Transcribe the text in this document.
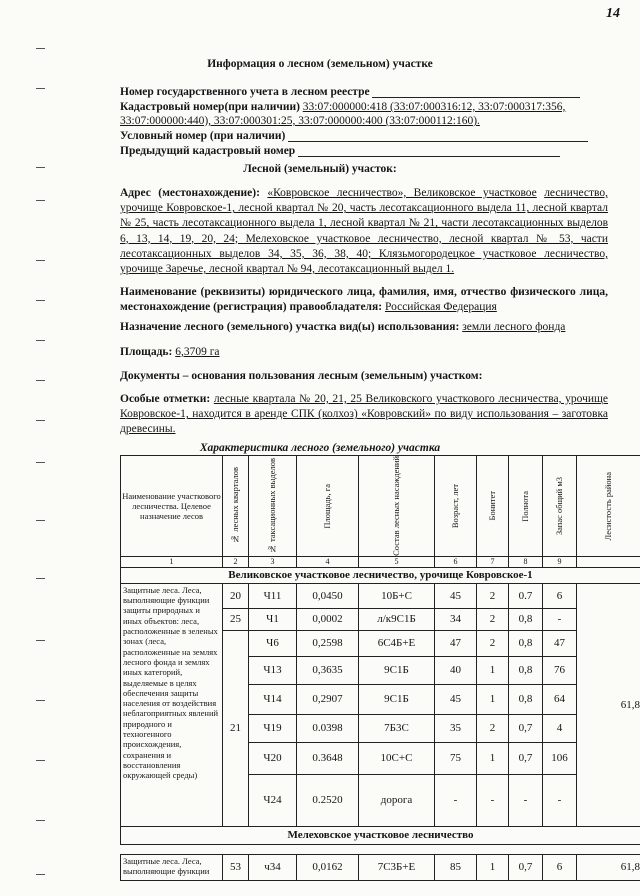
14
Информация о лесном (земельном) участке
Номер государственного учета в лесном реестре
Кадастровый номер(при наличии) 33:07:000000:418 (33:07:000316:12, 33:07:000317:356,
33:07:000000:440), 33:07:000301:25, 33:07:000000:400 (33:07:000112:160).
Условный номер (при наличии)
Предыдущий кадастровый номер
Лесной (земельный) участок:
Адрес (местонахождение): «Ковровское лесничество», Великовское участковое лесничество, урочище Ковровское-1, лесной квартал № 20, часть лесотаксационного выдела 11, лесной квартал № 25, часть лесотаксационного выдела 1, лесной квартал № 21, части лесотаксационных выделов 6, 13, 14, 19, 20, 24; Мелеховское участковое лесничество, лесной квартал № 53, части лесотаксационных выделов 34, 35, 36, 38, 40; Клязьмогородецкое участковое лесничество, урочище Заречье, лесной квартал № 94, лесотаксационный выдел 1.
Наименование (реквизиты) юридического лица, фамилия, имя, отчество физического лица, местонахождение (регистрация) правообладателя: Российская Федерация
Назначение лесного (земельного) участка вид(ы) использования: земли лесного фонда
Площадь: 6,3709 га
Документы – основания пользования лесным (земельным) участком:
Особые отметки: лесные квартала № 20, 21, 25 Великовского участкового лесничества, урочище Ковровское-1, находится в аренде СПК (колхоз) «Ковровский» по виду использования – заготовка древесины.
Характеристика лесного (земельного) участка
Наименование участкового лесничества. Целевое назначение лесов	№ лесных кварталов	№ таксационных выделов	Площадь, га	Состав лесных насаждений	Возраст, лет	Бонитет	Полнота	Запас общий м3	Лесистость района

1	2	3	4	5	6	7	8	9	
Великовское участковое лесничество, урочище Ковровское-1									
Защитные леса. Леса, выполняющие функции защиты природных и иных объектов: леса, расположенные в зеленых зонах (леса, расположенные на землях лесного фонда и землях иных категорий, выделяемые в целях обеспечения защиты населения от воздействия неблагоприятных явлений природного и техногенного происхождения, сохранения и восстановления окружающей среды)	20	Ч11	0,0450	10Б+С	45	2	0.7	6	61,8
	25	Ч1	0,0002	л/к9С1Б	34	2	0,8	-	
	21	Ч6	0,2598	6С4Б+Е	47	2	0,8	47	
		Ч13	0,3635	9С1Б	40	1	0,8	76	
		Ч14	0,2907	9С1Б	45	1	0,8	64	
		Ч19	0.0398	7Б3С	35	2	0,7	4	
		Ч20	0.3648	10С+С	75	1	0,7	106	
		Ч24	0.2520	дорога	-	-	-	-	
Мелеховское участковое лесничество									

Защитные леса. Леса, выполняющие функции	53	ч34	0,0162	7С3Б+Е	85	1	0,7	6	61,8
